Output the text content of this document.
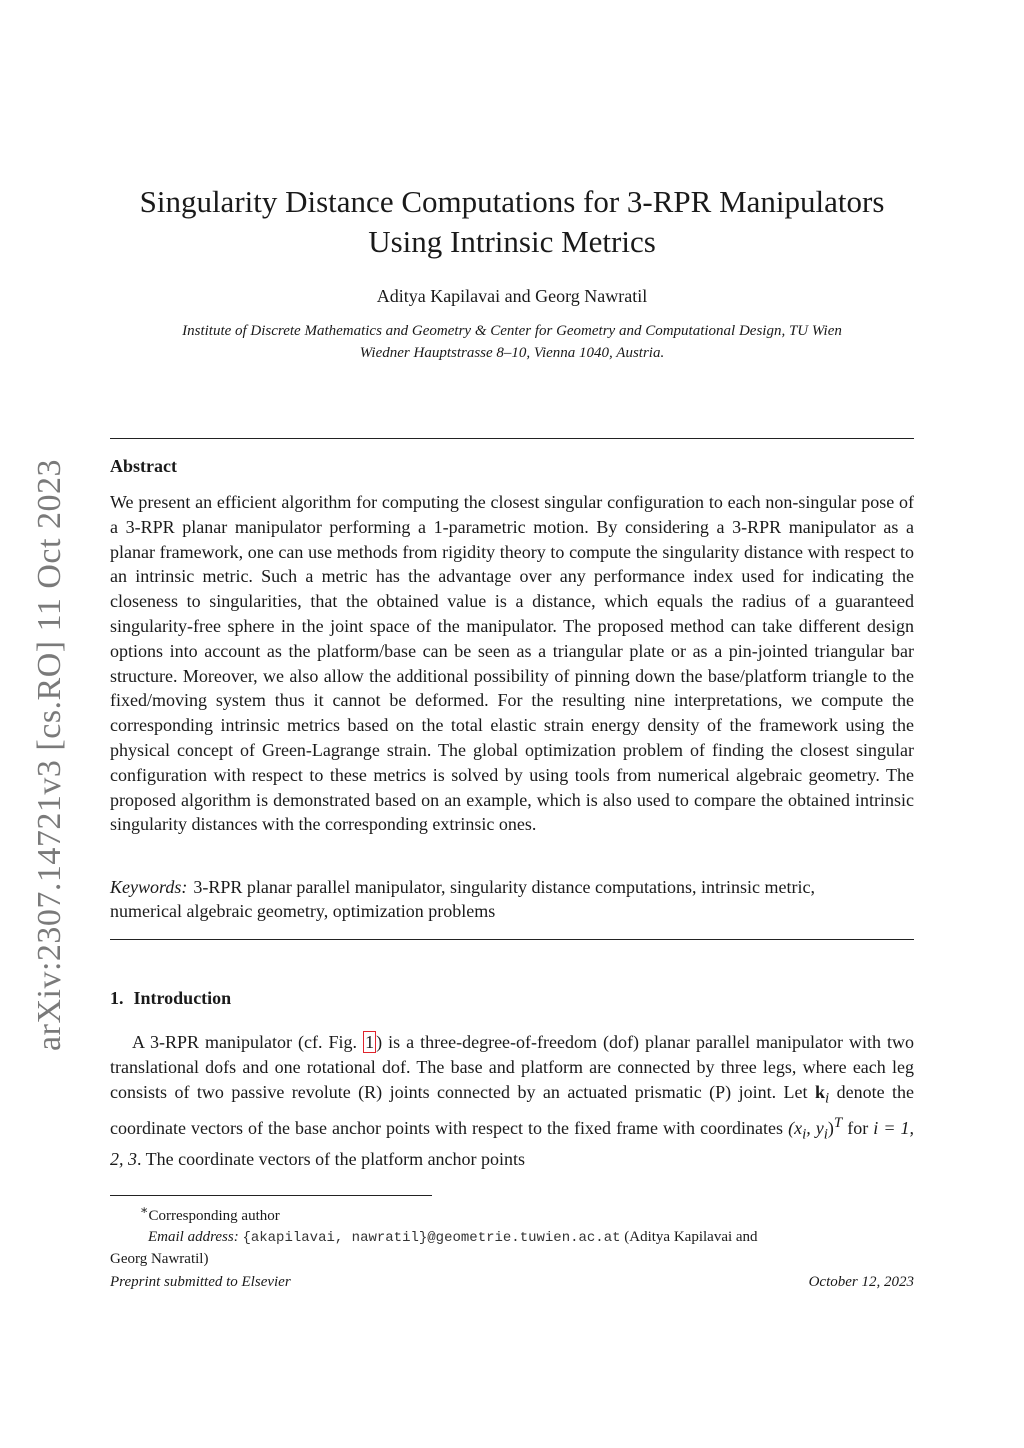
arXiv:2307.14721v3 [cs.RO] 11 Oct 2023
Singularity Distance Computations for 3-RPR Manipulators Using Intrinsic Metrics
Aditya Kapilavai and Georg Nawratil
Institute of Discrete Mathematics and Geometry & Center for Geometry and Computational Design, TU Wien
Wiedner Hauptstrasse 8–10, Vienna 1040, Austria.
Abstract

We present an efficient algorithm for computing the closest singular configuration to each non-singular pose of a 3-RPR planar manipulator performing a 1-parametric motion. By considering a 3-RPR manipulator as a planar framework, one can use methods from rigidity theory to compute the singularity distance with respect to an intrinsic metric. Such a metric has the advantage over any performance index used for indicating the closeness to singularities, that the obtained value is a distance, which equals the radius of a guaranteed singularity-free sphere in the joint space of the manipulator. The proposed method can take different design options into account as the platform/base can be seen as a triangular plate or as a pin-jointed triangular bar structure. Moreover, we also allow the additional possibility of pinning down the base/platform triangle to the fixed/moving system thus it cannot be deformed. For the resulting nine interpretations, we compute the corresponding intrinsic metrics based on the total elastic strain energy density of the framework using the physical concept of Green-Lagrange strain. The global optimization problem of finding the closest singular configuration with respect to these metrics is solved by using tools from numerical algebraic geometry. The proposed algorithm is demonstrated based on an example, which is also used to compare the obtained intrinsic singularity distances with the corresponding extrinsic ones.

Keywords: 3-RPR planar parallel manipulator, singularity distance computations, intrinsic metric, numerical algebraic geometry, optimization problems
1. Introduction

A 3-RPR manipulator (cf. Fig. 1 ) is a three-degree-of-freedom (dof) planar parallel manipulator with two translational dofs and one rotational dof. The base and platform are connected by three legs, where each leg consists of two passive revolute (R) joints connected by an actuated prismatic (P) joint. Let $k_i$ denote the coordinate vectors of the base anchor points with respect to the fixed frame with coordinates ($x_i$, $y_i)^T$ for i = 1, 2, 3. The coordinate vectors of the platform anchor points

∗Corresponding author
Email address: {akapilavai, nawratil}@geometrie.tuwien.ac.at (Aditya Kapilavai and
Georg Nawratil)
Preprint submitted to Elsevier	October 12, 2023
